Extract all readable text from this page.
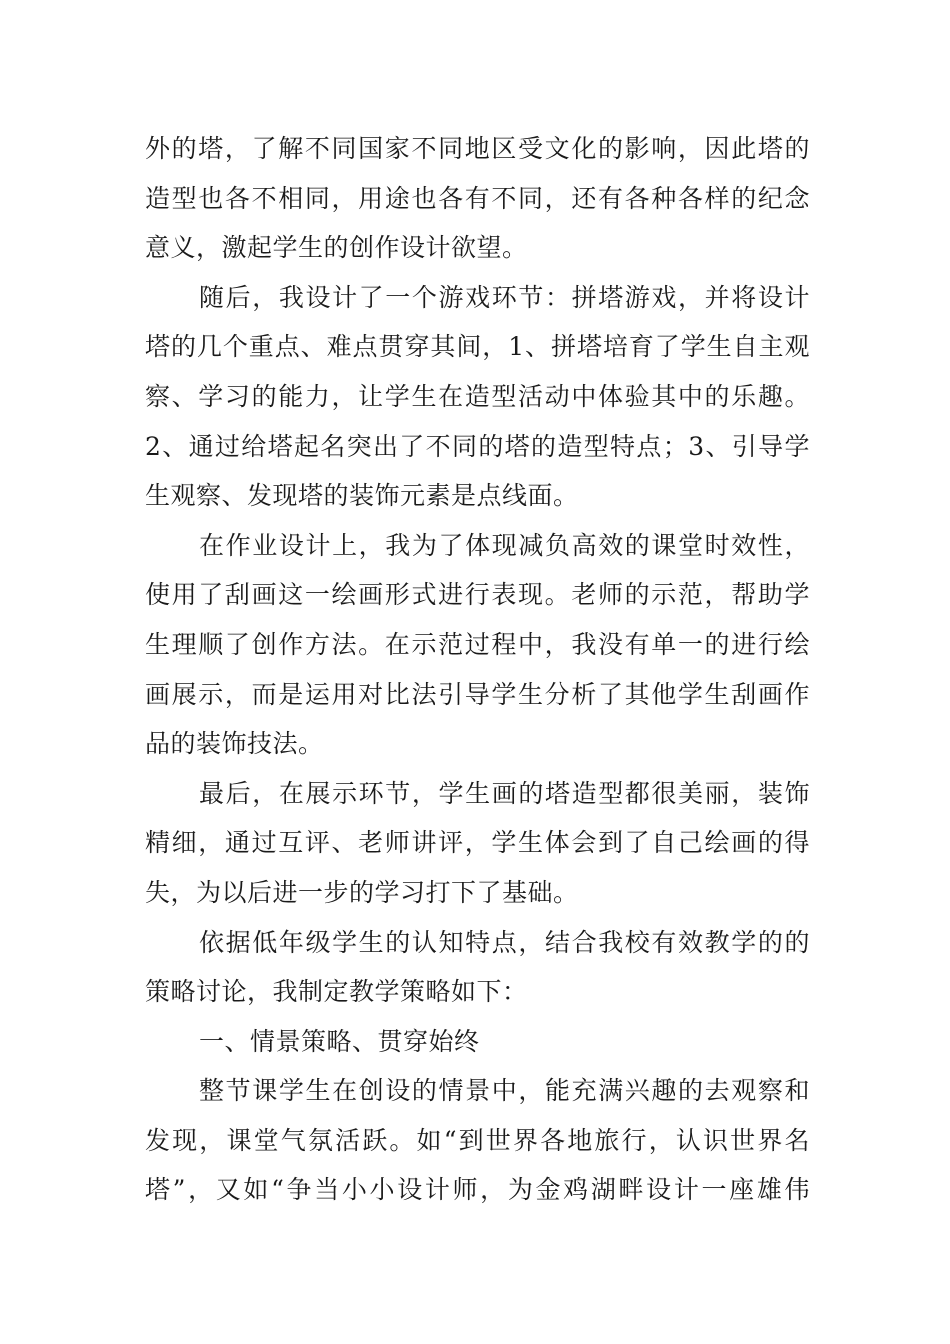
外的塔，了解不同国家不同地区受文化的影响，因此塔的
造型也各不相同，用途也各有不同，还有各种各样的纪念
意义，激起学生的创作设计欲望。
随后，我设计了一个游戏环节：拼塔游戏，并将设计
塔的几个重点、难点贯穿其间，1、拼塔培育了学生自主观
察、学习的能力，让学生在造型活动中体验其中的乐趣。
2、通过给塔起名突出了不同的塔的造型特点；3、引导学
生观察、发现塔的装饰元素是点线面。
在作业设计上，我为了体现减负高效的课堂时效性，
使用了刮画这一绘画形式进行表现。老师的示范，帮助学
生理顺了创作方法。在示范过程中，我没有单一的进行绘
画展示，而是运用对比法引导学生分析了其他学生刮画作
品的装饰技法。
最后，在展示环节，学生画的塔造型都很美丽，装饰
精细，通过互评、老师讲评，学生体会到了自己绘画的得
失，为以后进一步的学习打下了基础。
依据低年级学生的认知特点，结合我校有效教学的的
策略讨论，我制定教学策略如下：
一、情景策略、贯穿始终
整节课学生在创设的情景中，能充满兴趣的去观察和
发现，课堂气氛活跃。如“到世界各地旅行，认识世界名
塔”，又如“争当小小设计师，为金鸡湖畔设计一座雄伟
